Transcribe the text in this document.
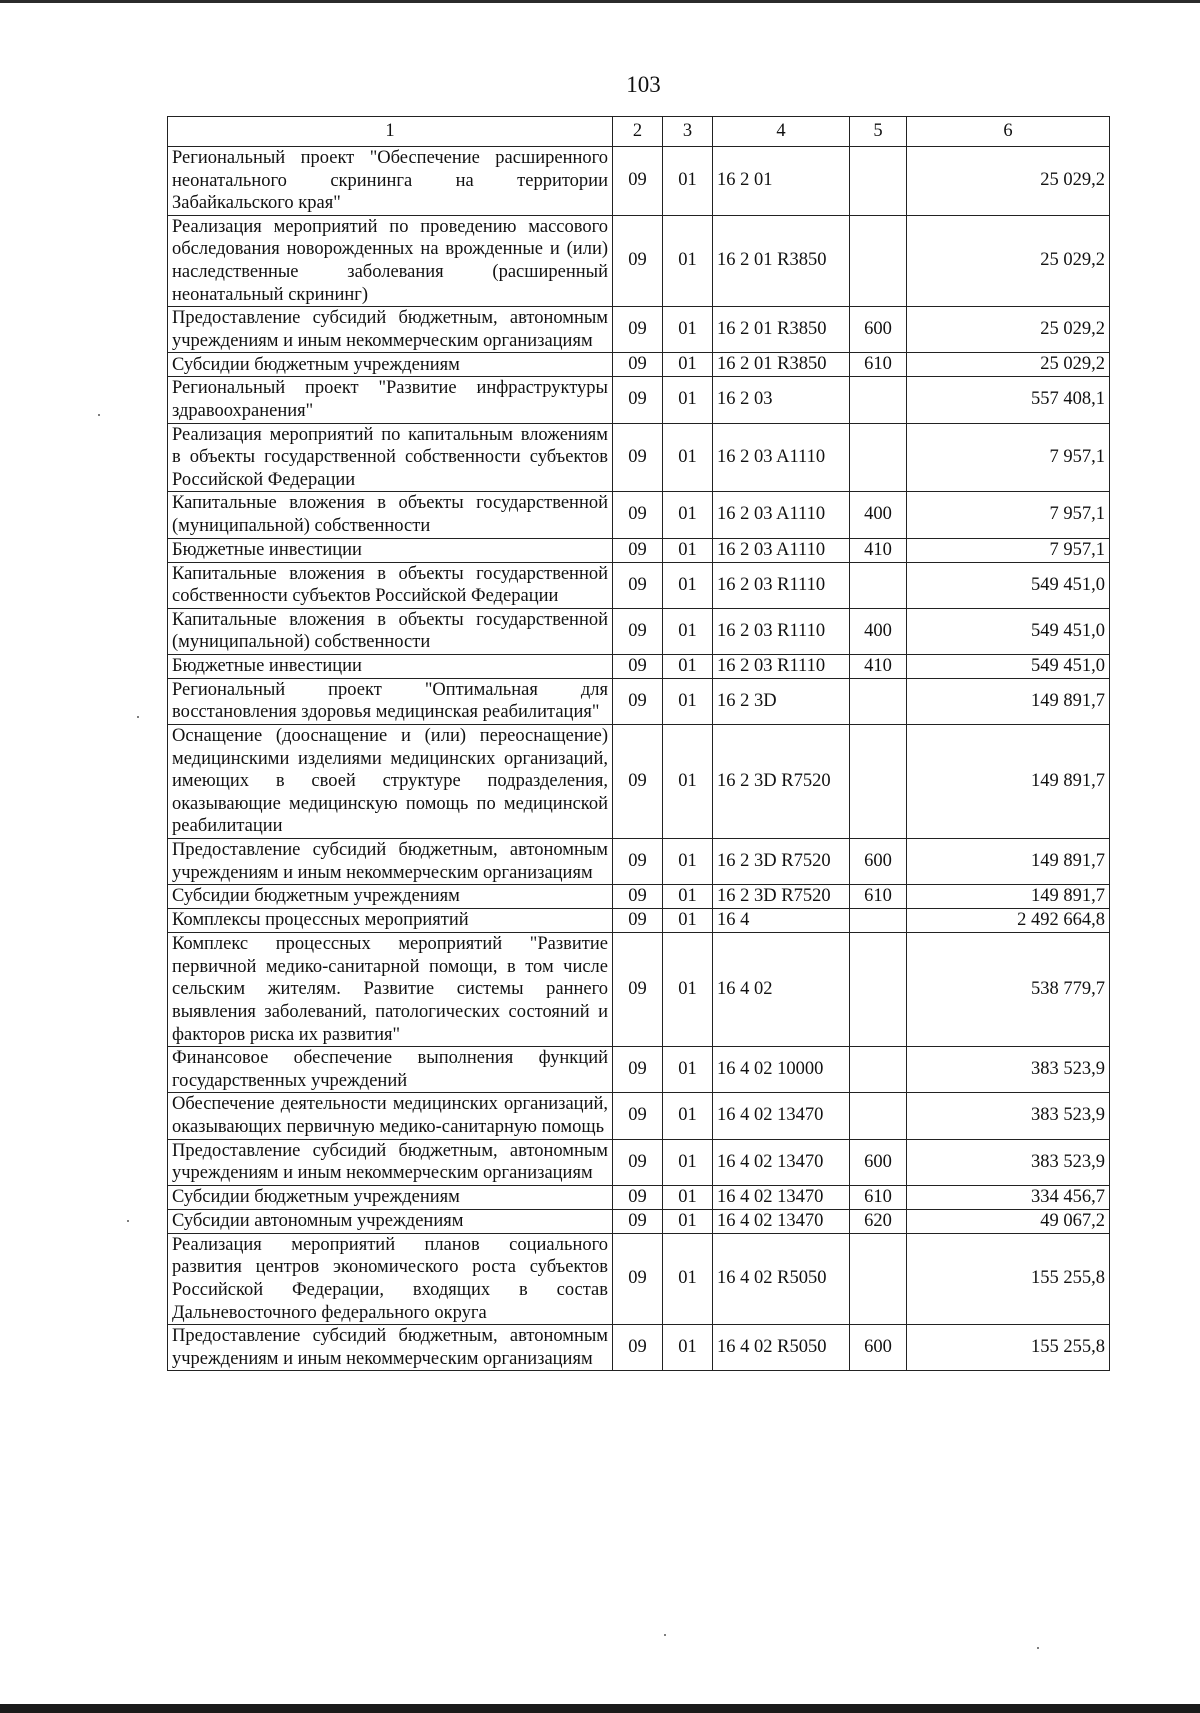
103
1	2	3	4	5	6
Региональный проект "Обеспечение расширенного неонатального скрининга на территории Забайкальского края"	09	01	16 2 01		25 029,2
Реализация мероприятий по проведению массового обследования новорожденных на врожденные и (или) наследственные заболевания (расширенный неонатальный скрининг)	09	01	16 2 01 R3850		25 029,2
Предоставление субсидий бюджетным, автономным учреждениям и иным некоммерческим организациям	09	01	16 2 01 R3850	600	25 029,2
Субсидии бюджетным учреждениям	09	01	16 2 01 R3850	610	25 029,2
Региональный проект "Развитие инфраструктуры здравоохранения"	09	01	16 2 03		557 408,1
Реализация мероприятий по капитальным вложениям в объекты государственной собственности субъектов Российской Федерации	09	01	16 2 03 A1110		7 957,1
Капитальные вложения в объекты государственной (муниципальной) собственности	09	01	16 2 03 A1110	400	7 957,1
Бюджетные инвестиции	09	01	16 2 03 A1110	410	7 957,1
Капитальные вложения в объекты государственной собственности субъектов Российской Федерации	09	01	16 2 03 R1110		549 451,0
Капитальные вложения в объекты государственной (муниципальной) собственности	09	01	16 2 03 R1110	400	549 451,0
Бюджетные инвестиции	09	01	16 2 03 R1110	410	549 451,0
Региональный проект "Оптимальная для восстановления здоровья медицинская реабилитация"	09	01	16 2 3D		149 891,7
Оснащение (дооснащение и (или) переоснащение) медицинскими изделиями медицинских организаций, имеющих в своей структуре подразделения, оказывающие медицинскую помощь по медицинской реабилитации	09	01	16 2 3D R7520		149 891,7
Предоставление субсидий бюджетным, автономным учреждениям и иным некоммерческим организациям	09	01	16 2 3D R7520	600	149 891,7
Субсидии бюджетным учреждениям	09	01	16 2 3D R7520	610	149 891,7
Комплексы процессных мероприятий	09	01	16 4		2 492 664,8
Комплекс процессных мероприятий "Развитие первичной медико-санитарной помощи, в том числе сельским жителям. Развитие системы раннего выявления заболеваний, патологических состояний и факторов риска их развития"	09	01	16 4 02		538 779,7
Финансовое обеспечение выполнения функций государственных учреждений	09	01	16 4 02 10000		383 523,9
Обеспечение деятельности медицинских организаций, оказывающих первичную медико-санитарную помощь	09	01	16 4 02 13470		383 523,9
Предоставление субсидий бюджетным, автономным учреждениям и иным некоммерческим организациям	09	01	16 4 02 13470	600	383 523,9
Субсидии бюджетным учреждениям	09	01	16 4 02 13470	610	334 456,7
Субсидии автономным учреждениям	09	01	16 4 02 13470	620	49 067,2
Реализация мероприятий планов социального развития центров экономического роста субъектов Российской Федерации, входящих в состав Дальневосточного федерального округа	09	01	16 4 02 R5050		155 255,8
Предоставление субсидий бюджетным, автономным учреждениям и иным некоммерческим организациям	09	01	16 4 02 R5050	600	155 255,8
